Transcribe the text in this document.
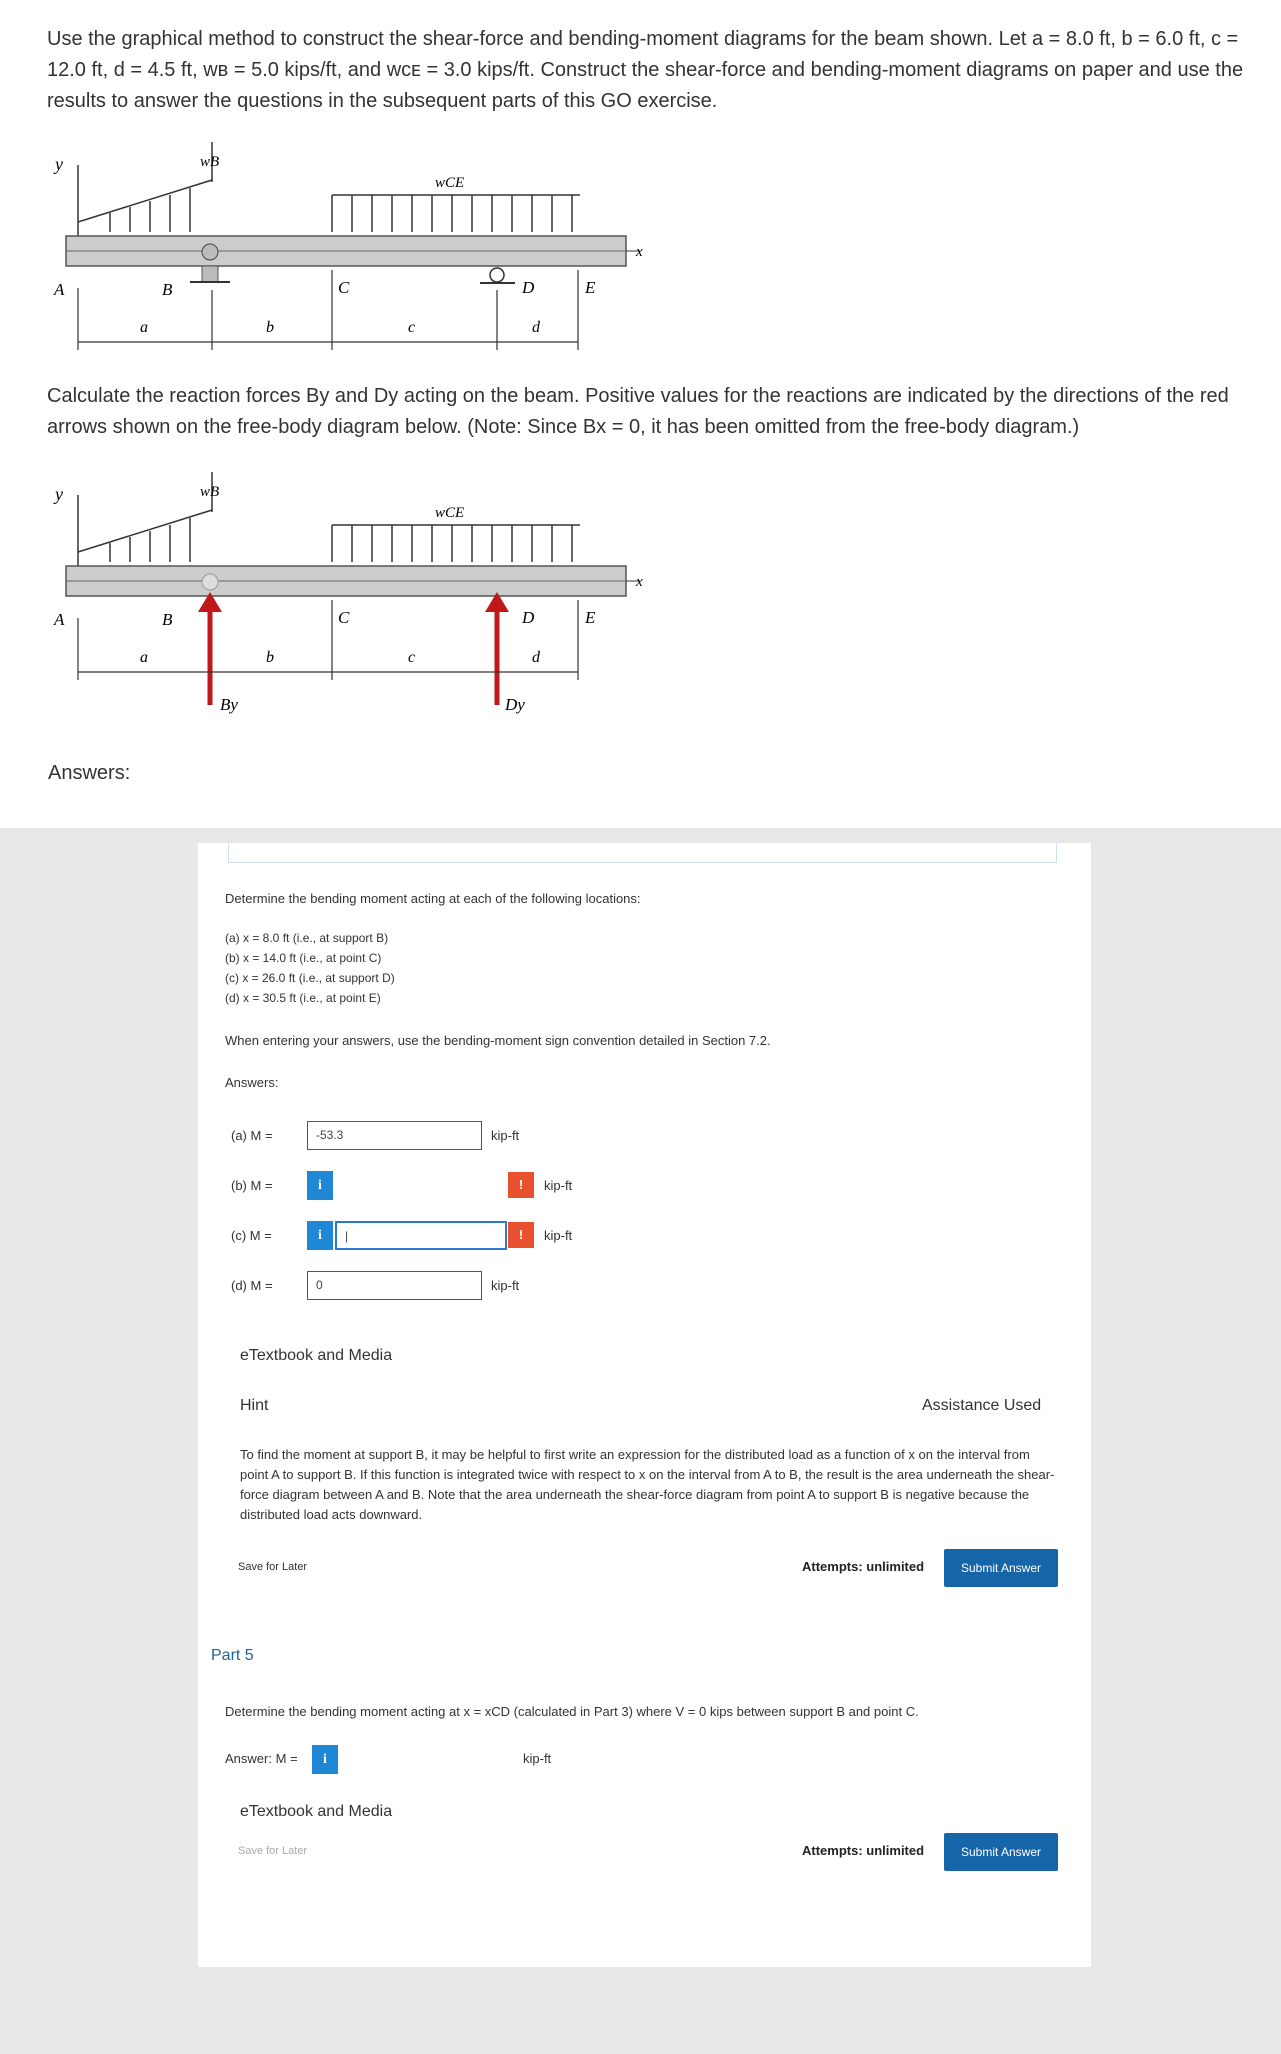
Use the graphical method to construct the shear-force and bending-moment diagrams for the beam shown. Let a = 8.0 ft, b = 6.0 ft, c = 12.0 ft, d = 4.5 ft, wʙ = 5.0 kips/ft, and wᴄᴇ = 3.0 kips/ft. Construct the shear-force and bending-moment diagrams on paper and use the results to answer the questions in the subsequent parts of this GO exercise.
y	wB
wCE
x
A	B	C	D	E
a	b	c	d
Calculate the reaction forces By and Dy acting on the beam. Positive values for the reactions are indicated by the directions of the red arrows shown on the free-body diagram below. (Note: Since Bx = 0, it has been omitted from the free-body diagram.)
y	wB
wCE
x
A	B	C	D	E
a	b	c	d
By	Dy
Answers:
Determine the bending moment acting at each of the following locations:
(a) x = 8.0 ft (i.e., at support B)
(b) x = 14.0 ft (i.e., at point C)
(c) x = 26.0 ft (i.e., at support D)
(d) x = 30.5 ft (i.e., at point E)
When entering your answers, use the bending-moment sign convention detailed in Section 7.2.
Answers:
(a) M =	-53.3	kip-ft
(b) M =	i	!	kip-ft
(c) M =	i	|	!	kip-ft
(d) M =	0	kip-ft
eTextbook and Media
Hint	Assistance Used
To find the moment at support B, it may be helpful to first write an expression for the distributed load as a function of x on the interval from point A to support B. If this function is integrated twice with respect to x on the interval from A to B, the result is the area underneath the shear-force diagram between A and B. Note that the area underneath the shear-force diagram from point A to support B is negative because the distributed load acts downward.
Save for Later	Attempts: unlimited	Submit Answer
Part 5
Determine the bending moment acting at x = xCD (calculated in Part 3) where V = 0 kips between support B and point C.
Answer: M =	i	kip-ft
eTextbook and Media
Save for Later	Attempts: unlimited	Submit Answer
